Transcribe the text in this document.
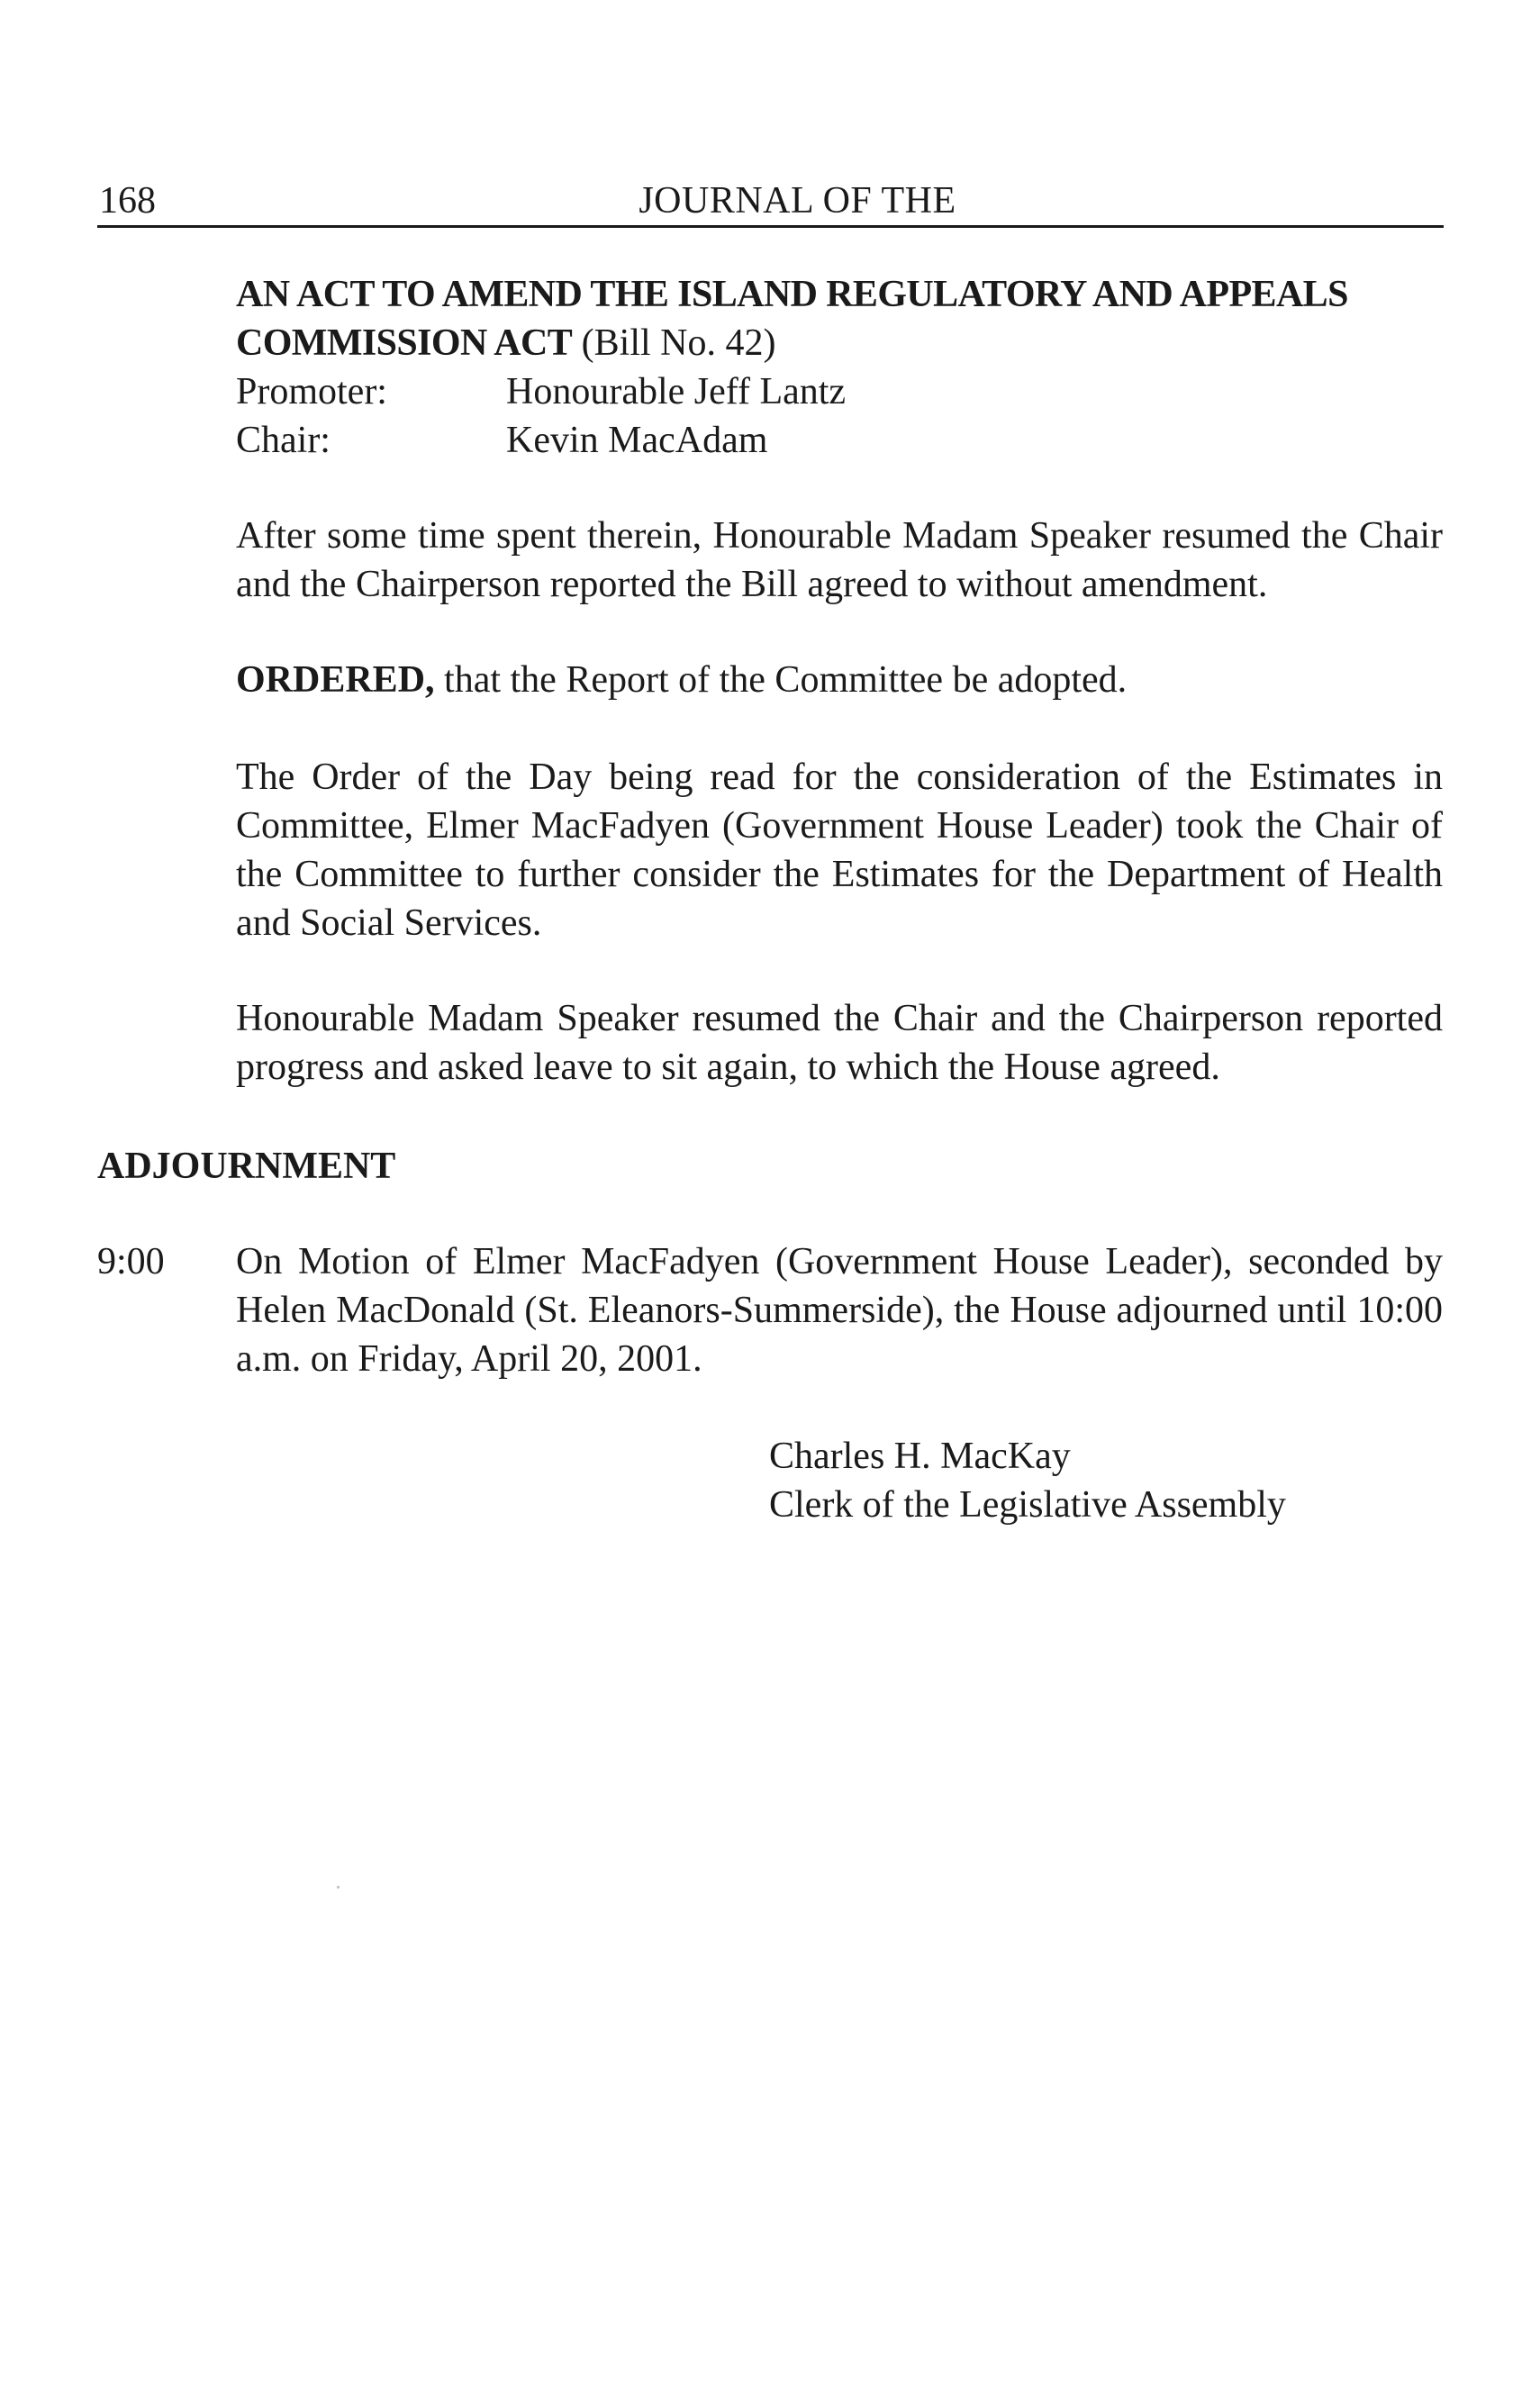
168	JOURNAL OF THE
AN ACT TO AMEND THE ISLAND REGULATORY AND APPEALS COMMISSION ACT (Bill No. 42)
Promoter:	Honourable Jeff Lantz
Chair:	Kevin MacAdam
After some time spent therein, Honourable Madam Speaker resumed the Chair and the Chairperson reported the Bill agreed to without amendment.
ORDERED, that the Report of the Committee be adopted.
The Order of the Day being read for the consideration of the Estimates in Committee, Elmer MacFadyen (Government House Leader) took the Chair of the Committee to further consider the Estimates for the Department of Health and Social Services.
Honourable Madam Speaker resumed the Chair and the Chairperson reported progress and asked leave to sit again, to which the House agreed.
ADJOURNMENT
9:00 On Motion of Elmer MacFadyen (Government House Leader), seconded by Helen MacDonald (St. Eleanors-Summerside), the House adjourned until 10:00 a.m. on Friday, April 20, 2001.
Charles H. MacKay
Clerk of the Legislative Assembly
